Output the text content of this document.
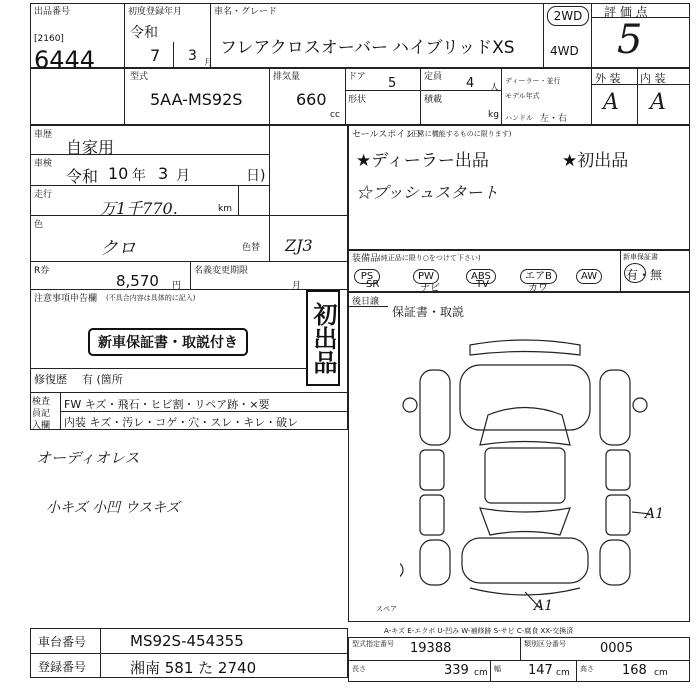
出品番号
[2160]
6444
初度登録年月
令和
7 3 月
車名・グレード
フレアクロスオーバー ハイブリッドXS
2WD
4WD
評 価 点
5
型式
5AA-MS92S
排気量
660
cc
ドア 5	定員 4 人
形状	積載
kg
ディーラー・並行
モデル年式
ハンドル 左・右
外 装 内 装
A A
車歴
自家用
車検
令和 10 年 3 月	日)
走行
万1千770.	km
色
クロ	色替 ZJ3
R券
8,570 円
名義変更期限
月
注意事項申告欄 (不具合内容は具体的に記入)
新車保証書・取説付き	初出品
修復歴 有 (箇所
検査員記入欄
FW キズ・飛石・ヒビ割・リペア跡・×要
内装 キズ・汚レ・コゲ・穴・スレ・キレ・破レ
オーディオレス
小キズ 小凹 ウスキズ
セールスポイント
(正常に機能するものに限ります)
★ディーラー出品	★初出品
☆プッシュスタート
装備品
(純正品に限り○をつけて下さい)	新車保証書
有・無
PS	PW	ABS	エアB	AW
SR	ナビ	TV	カワ
後日譲
保証書・取説
A1
A1
スペア
A-キズ E-エクボ U-凹み W-補修跡 S-サビ C-腐食 XX-交換済
車台番号	MS92S-454355
登録番号	湘南 581 た 2740
型式指定番号 19388	類別区分番号	0005
長さ	339 cm 幅 147 cm 高さ 168 cm
